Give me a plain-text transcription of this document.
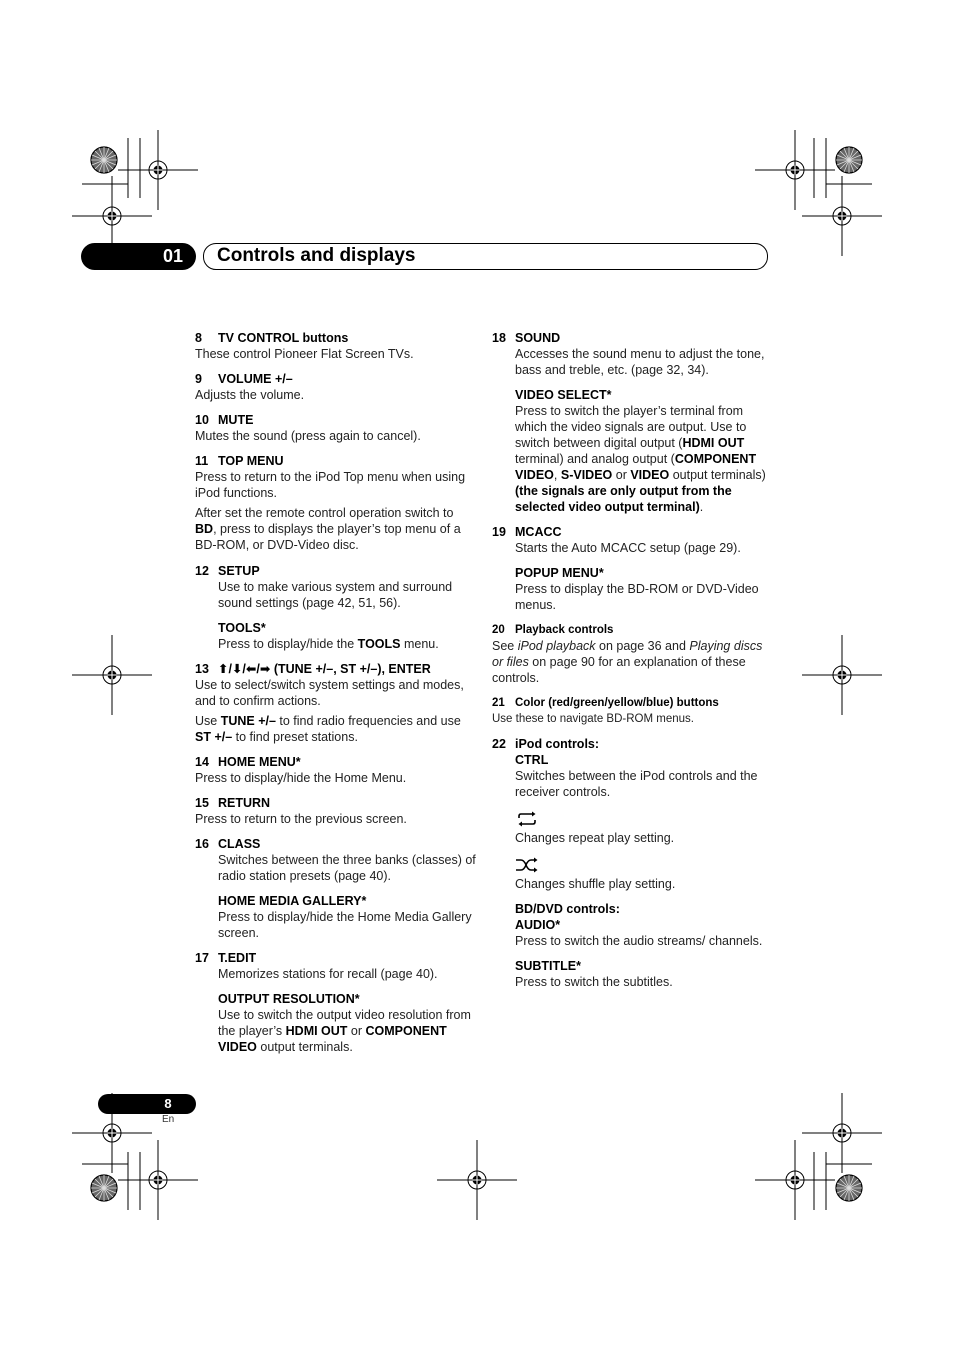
01	Controls and displays
8 TV CONTROL buttons

These control Pioneer Flat Screen TVs.

9 VOLUME +/–

Adjusts the volume.

10 MUTE

Mutes the sound (press again to cancel).

11 TOP MENU

Press to return to the iPod Top menu when using iPod functions.

After set the remote control operation switch to BD, press to displays the player’s top menu of a BD-ROM, or DVD-Video disc.

12 SETUP

Use to make various system and surround sound settings (page 42, 51, 56).

TOOLS*

Press to display/hide the TOOLS menu.

13 ⬆/⬇/⬅/➡ (TUNE +/–, ST +/–), ENTER

Use to select/switch system settings and modes, and to confirm actions.

Use TUNE +/– to find radio frequencies and use ST +/– to find preset stations.

14 HOME MENU*

Press to display/hide the Home Menu.

15 RETURN

Press to return to the previous screen.

16 CLASS

Switches between the three banks (classes) of radio station presets (page 40).

HOME MEDIA GALLERY*

Press to display/hide the Home Media Gallery screen.

17 T.EDIT

Memorizes stations for recall (page 40).

OUTPUT RESOLUTION*

Use to switch the output video resolution from the player’s HDMI OUT or COMPONENT VIDEO output terminals.

18 SOUND

Accesses the sound menu to adjust the tone, bass and treble, etc. (page 32, 34).

VIDEO SELECT*

Press to switch the player’s terminal from which the video signals are output. Use to switch between digital output (HDMI OUT terminal) and analog output (COMPONENT VIDEO, S-VIDEO or VIDEO output terminals) (the signals are only output from the selected video output terminal).

19 MCACC

Starts the Auto MCACC setup (page 29).

POPUP MENU*

Press to display the BD-ROM or DVD-Video menus.

20 Playback controls

See iPod playback on page 36 and Playing discs or files on page 90 for an explanation of these controls.

21 Color (red/green/yellow/blue) buttons

Use these to navigate BD-ROM menus.

22 iPod controls:
CTRL

Switches between the iPod controls and the receiver controls.

Changes repeat play setting.

Changes shuffle play setting.

BD/DVD controls:
AUDIO*

Press to switch the audio streams/ channels.

SUBTITLE*

Press to switch the subtitles.

8
En
